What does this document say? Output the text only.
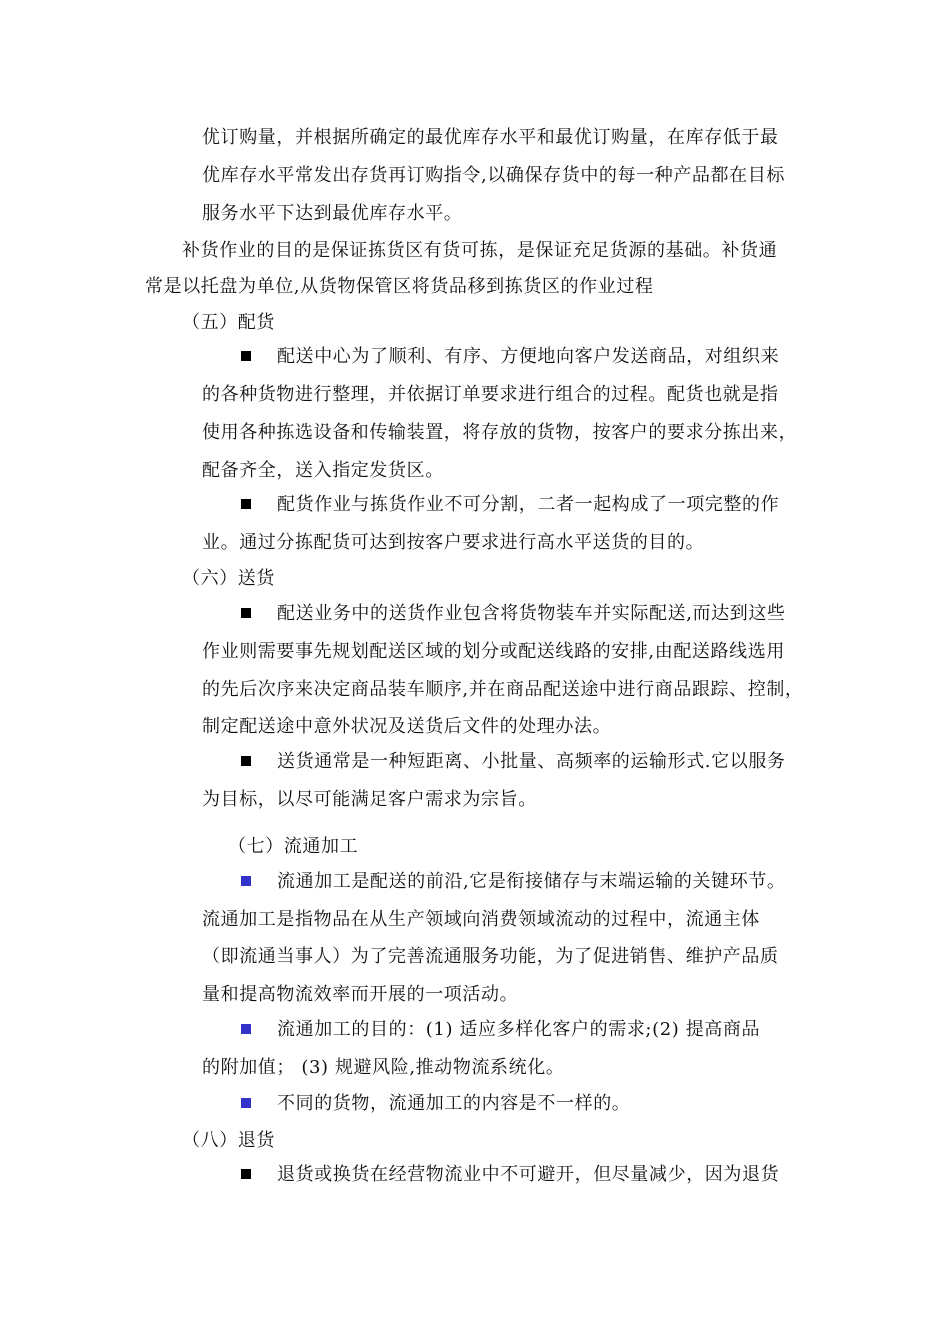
优订购量，并根据所确定的最优库存水平和最优订购量，在库存低于最
优库存水平常发出存货再订购指令,以确保存货中的每一种产品都在目标
服务水平下达到最优库存水平。
补货作业的目的是保证拣货区有货可拣，是保证充足货源的基础。补货通
常是以托盘为单位,从货物保管区将货品移到拣货区的作业过程
（五）配货
配送中心为了顺利、有序、方便地向客户发送商品，对组织来
的各种货物进行整理，并依据订单要求进行组合的过程。配货也就是指
使用各种拣选设备和传输装置，将存放的货物，按客户的要求分拣出来，
配备齐全，送入指定发货区。
配货作业与拣货作业不可分割，二者一起构成了一项完整的作
业。通过分拣配货可达到按客户要求进行高水平送货的目的。
（六）送货
配送业务中的送货作业包含将货物装车并实际配送,而达到这些
作业则需要事先规划配送区域的划分或配送线路的安排,由配送路线选用
的先后次序来决定商品装车顺序,并在商品配送途中进行商品跟踪、控制，
制定配送途中意外状况及送货后文件的处理办法。
送货通常是一种短距离、小批量、高频率的运输形式.它以服务
为目标，以尽可能满足客户需求为宗旨。
（七）流通加工
流通加工是配送的前沿,它是衔接储存与末端运输的关键环节。
流通加工是指物品在从生产领域向消费领域流动的过程中，流通主体
（即流通当事人）为了完善流通服务功能，为了促进销售、维护产品质
量和提高物流效率而开展的一项活动。
流通加工的目的：(1) 适应多样化客户的需求;(2) 提高商品
的附加值； (3) 规避风险,推动物流系统化。
不同的货物，流通加工的内容是不一样的。
（八）退货
退货或换货在经营物流业中不可避开，但尽量减少，因为退货
